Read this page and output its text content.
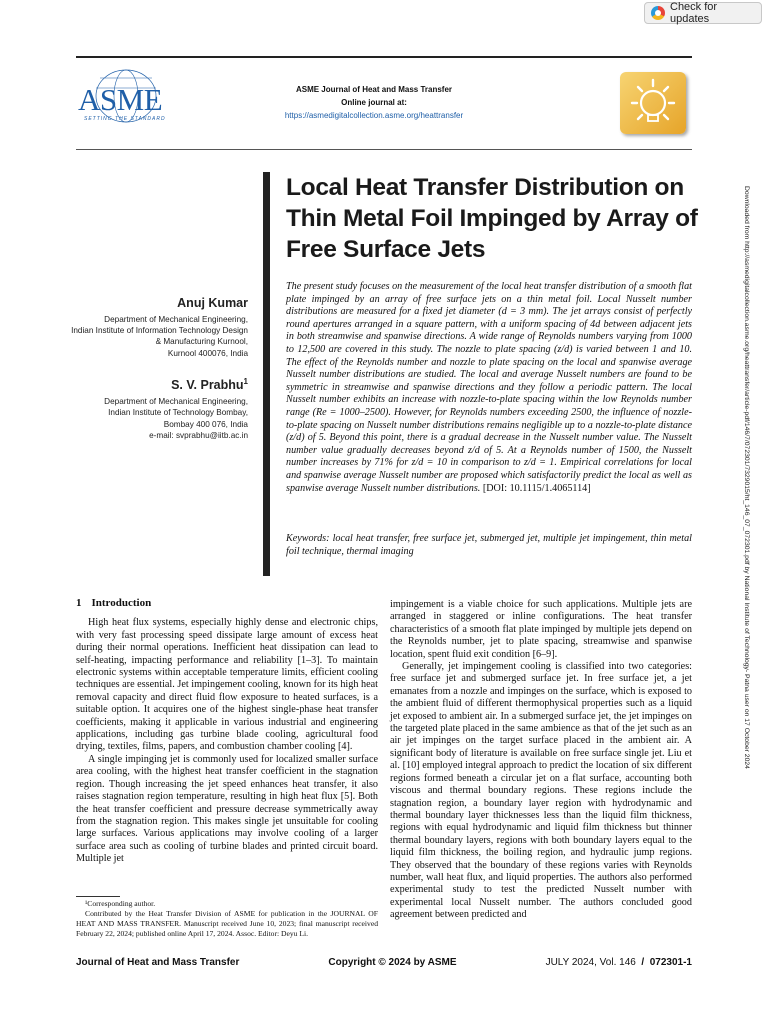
Check for updates
ASME
SETTING THE STANDARD
ASME Journal of Heat and Mass Transfer
Online journal at:
https://asmedigitalcollection.asme.org/heattransfer
Local Heat Transfer Distribution on Thin Metal Foil Impinged by Array of Free Surface Jets
Anuj Kumar
Department of Mechanical Engineering,
Indian Institute of Information Technology Design
& Manufacturing Kurnool,
Kurnool 400076, India
S. V. Prabhu$^1$
Department of Mechanical Engineering,
Indian Institute of Technology Bombay,
Bombay 400 076, India
e-mail: svprabhu@iitb.ac.in
The present study focuses on the measurement of the local heat transfer distribution of a smooth flat plate impinged by an array of free surface jets on a thin metal foil. Local Nusselt number distributions are measured for a fixed jet diameter (d = 3 mm). The jet arrays consist of perfectly round apertures arranged in a square pattern, with a uniform spacing of 4d between adjacent jets in both streamwise and spanwise directions. A wide range of Reynolds numbers varying from 1000 to 12,500 are covered in this study. The nozzle to plate spacing (z/d) is varied between 1 and 10. The effect of the Reynolds number and nozzle to plate spacing on the local and spanwise average Nusselt number distributions are studied. The local and average Nusselt numbers are found to be symmetric in streamwise and spanwise directions and they follow a periodic pattern. The local Nusselt number exhibits an increase with nozzle-to-plate spacing within the low Reynolds number range (Re = 1000–2500). However, for Reynolds numbers exceeding 2500, the influence of nozzle-to-plate spacing on Nusselt number distributions remains negligible up to a nozzle-to-plate distance (z/d) of 5. Beyond this point, there is a gradual decrease in the Nusselt number value. The Nusselt number value gradually decreases beyond z/d of 5. At a Reynolds number of 1500, the Nusselt number increases by 71% for z/d = 10 in comparison to z/d = 1. Empirical correlations for local and spanwise average Nusselt number are proposed which satisfactorily predict the local as well as spanwise average Nusselt number distributions. [DOI: 10.1115/1.4065114]
Keywords: local heat transfer, free surface jet, submerged jet, multiple jet impingement, thin metal foil technique, thermal imaging	Downloaded from http://asmedigitalcollection.asme.org/heattransfer/article-pdf/146/7/072301/7329015/ht_146_07_072301.pdf by National Institute of Technology- Patna user on 17 October 2024
1 Introduction

High heat flux systems, especially highly dense and electronic chips, with very fast processing speed dissipate large amount of excess heat during their normal operations. Inefficient heat dissipation can lead to self-heating, impacting performance and reliability [1–3]. To maintain electronic systems within acceptable temperature limits, efficient cooling techniques are essential. Jet impingement cooling, known for its high heat removal capacity and direct fluid flow exposure to heated surfaces, is a suitable option. It acquires one of the highest single-phase heat transfer coefficients, making it applicable in various industrial and engineering applications, including gas turbine blade cooling, agricultural food drying, textiles, films, papers, and combustion chamber cooling [4].

A single impinging jet is commonly used for localized smaller surface area cooling, with the highest heat transfer coefficient in the stagnation region. Though increasing the jet speed enhances heat transfer, it also raises stagnation region temperature, resulting in high heat flux [5]. Both the heat transfer coefficient and pressure decrease symmetrically away from the stagnation region. This makes single jet unsuitable for cooling large surfaces. Various applications may involve cooling of a larger surface area such as cooling of turbine blades and printed circuit board. Multiple jet

impingement is a viable choice for such applications. Multiple jets are arranged in staggered or inline configurations. The heat transfer characteristics of a smooth flat plate impinged by multiple jets depend on the Reynolds number, jet to plate spacing, streamwise and spanwise location, spent fluid exit condition [6–9].

Generally, jet impingement cooling is classified into two categories: free surface jet and submerged surface jet. In free surface jet, a jet emanates from a nozzle and impinges on the surface, which is exposed to the ambient fluid of different thermophysical properties such as a liquid jet exposed to ambient air. In a submerged surface jet, the jet impinges on the targeted plate placed in the same ambience as that of the jet such as an air jet impinges on the target surface placed in the ambient air. A significant body of literature is available on free surface single jet. Liu et al. [10] employed integral approach to predict the location of six different regions formed beneath a circular jet on a flat surface, accounting both viscous and thermal boundary regions. These regions include the stagnation region, a boundary layer region with hydrodynamic and thermal boundary layer thicknesses less than the liquid film thickness, regions with equal hydrodynamic and liquid film thickness but thinner thermal boundary layers, regions with both boundary layers equal to the liquid film thickness, the boiling region, and hydraulic jump regions. They observed that the boundary of these regions varies with Reynolds number, wall heat flux, and liquid properties. The authors also performed experimental study to test the predicted Nusselt number with experimental local Nusselt number. The authors concluded good agreement between predicted and

¹Corresponding author.

Contributed by the Heat Transfer Division of ASME for publication in the JOURNAL OF HEAT AND MASS TRANSFER. Manuscript received June 10, 2023; final manuscript received February 22, 2024; published online April 17, 2024. Assoc. Editor: Deyu Li.

Journal of Heat and Mass Transfer	Copyright © 2024 by ASME	JULY 2024, Vol. 146 / 072301-1
